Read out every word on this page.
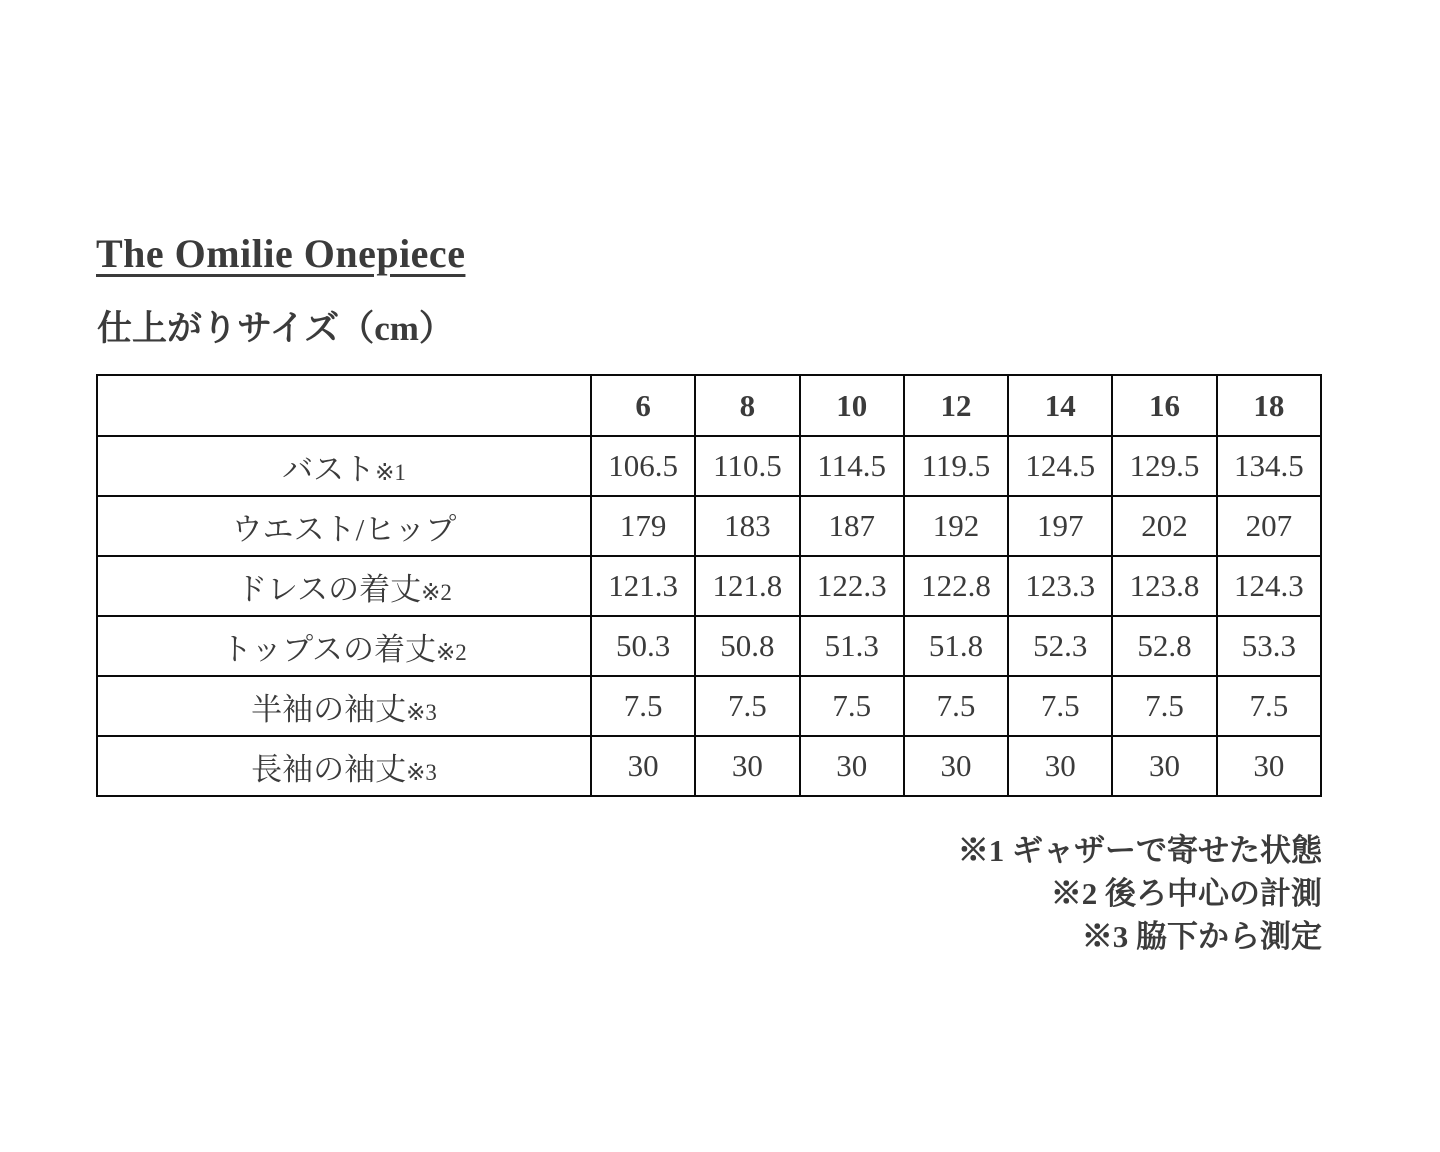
The Omilie Onepiece
仕上がりサイズ（cm）
	6	8	10	12	14	16	18
バスト※1	106.5	110.5	114.5	119.5	124.5	129.5	134.5
ウエスト/ヒップ	179	183	187	192	197	202	207
ドレスの着丈※2	121.3	121.8	122.3	122.8	123.3	123.8	124.3
トップスの着丈※2	50.3	50.8	51.3	51.8	52.3	52.8	53.3
半袖の袖丈※3	7.5	7.5	7.5	7.5	7.5	7.5	7.5
長袖の袖丈※3	30	30	30	30	30	30	30
※1 ギャザーで寄せた状態
※2 後ろ中心の計測
※3 脇下から測定
